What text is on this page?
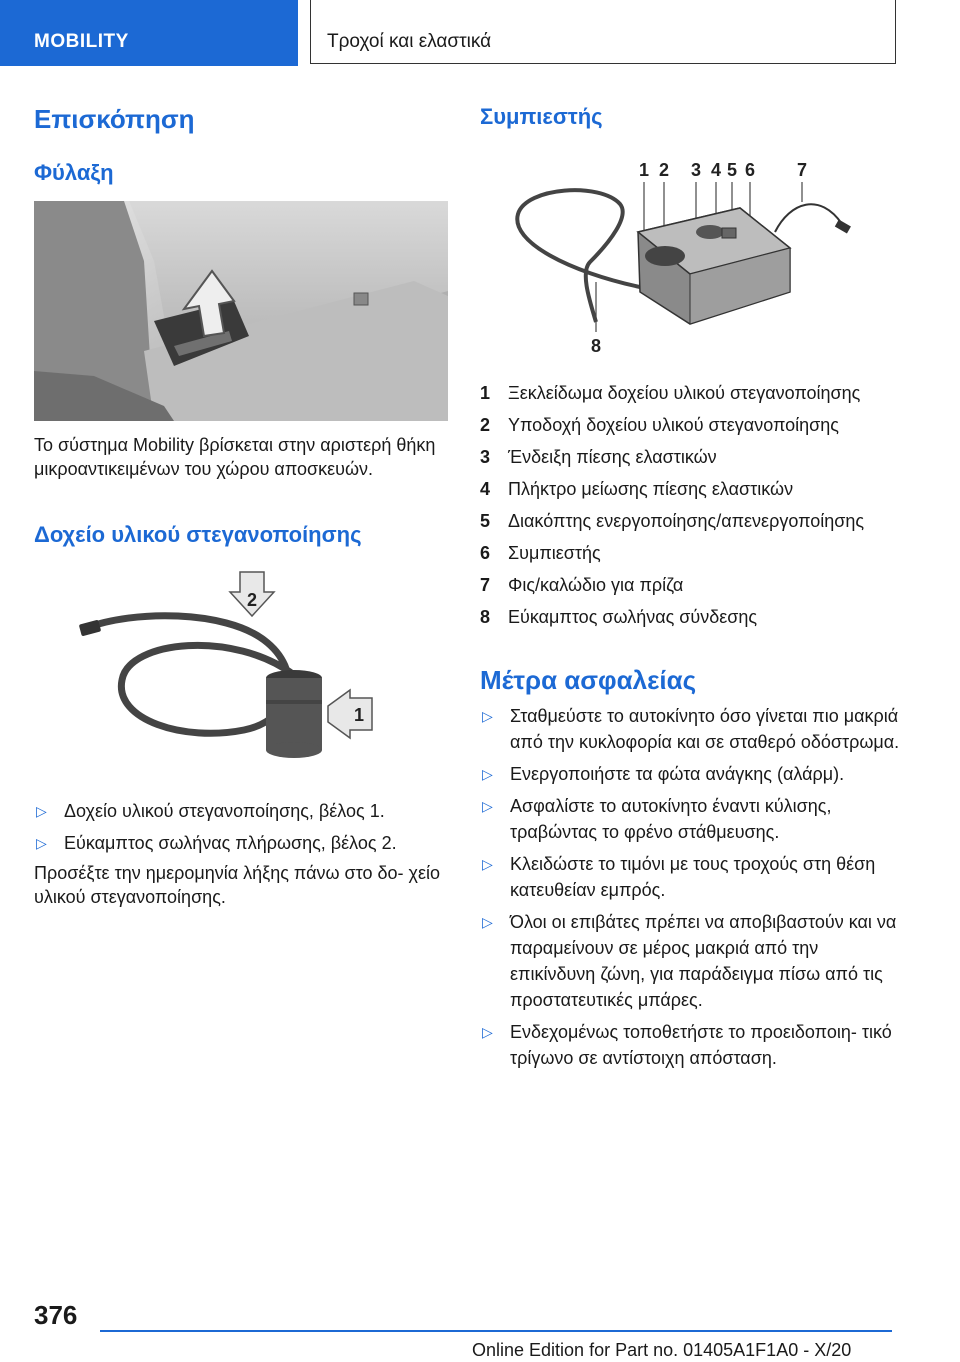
MOBILITY	Τροχοί και ελαστικά
Επισκόπηση
Φύλαξη

Το σύστημα Mobility βρίσκεται στην αριστερή θήκη μικροαντικειμένων του χώρου αποσκευών.

Δοχείο υλικού στεγανοποίησης
2
1
▷ Δοχείο υλικού στεγανοποίησης, βέλος 1.
▷ Εύκαμπτος σωλήνας πλήρωσης, βέλος 2.

Προσέξτε την ημερομηνία λήξης πάνω στο δο- χείο υλικού στεγανοποίησης.

Συμπιεστής
1 2 3 4 5 6 7
8
1 Ξεκλείδωμα δοχείου υλικού στεγανοποίησης
2 Υποδοχή δοχείου υλικού στεγανοποίησης
3 Ένδειξη πίεσης ελαστικών
4 Πλήκτρο μείωσης πίεσης ελαστικών
5 Διακόπτης ενεργοποίησης/απενεργοποίησης
6 Συμπιεστής
7 Φις/καλώδιο για πρίζα
8 Εύκαμπτος σωλήνας σύνδεσης
Μέτρα ασφαλείας
▷ Σταθμεύστε το αυτοκίνητο όσο γίνεται πιο μακριά από την κυκλοφορία και σε σταθερό οδόστρωμα.
▷ Ενεργοποιήστε τα φώτα ανάγκης (αλάρμ).
▷ Ασφαλίστε το αυτοκίνητο έναντι κύλισης, τραβώντας το φρένο στάθμευσης.
▷ Κλειδώστε το τιμόνι με τους τροχούς στη θέση κατευθείαν εμπρός.
▷ Όλοι οι επιβάτες πρέπει να αποβιβαστούν και να παραμείνουν σε μέρος μακριά από την επικίνδυνη ζώνη, για παράδειγμα πίσω από τις προστατευτικές μπάρες.
▷ Ενδεχομένως τοποθετήστε το προειδοποιη- τικό τρίγωνο σε αντίστοιχη απόσταση.
376
Online Edition for Part no. 01405A1F1A0 - X/20
